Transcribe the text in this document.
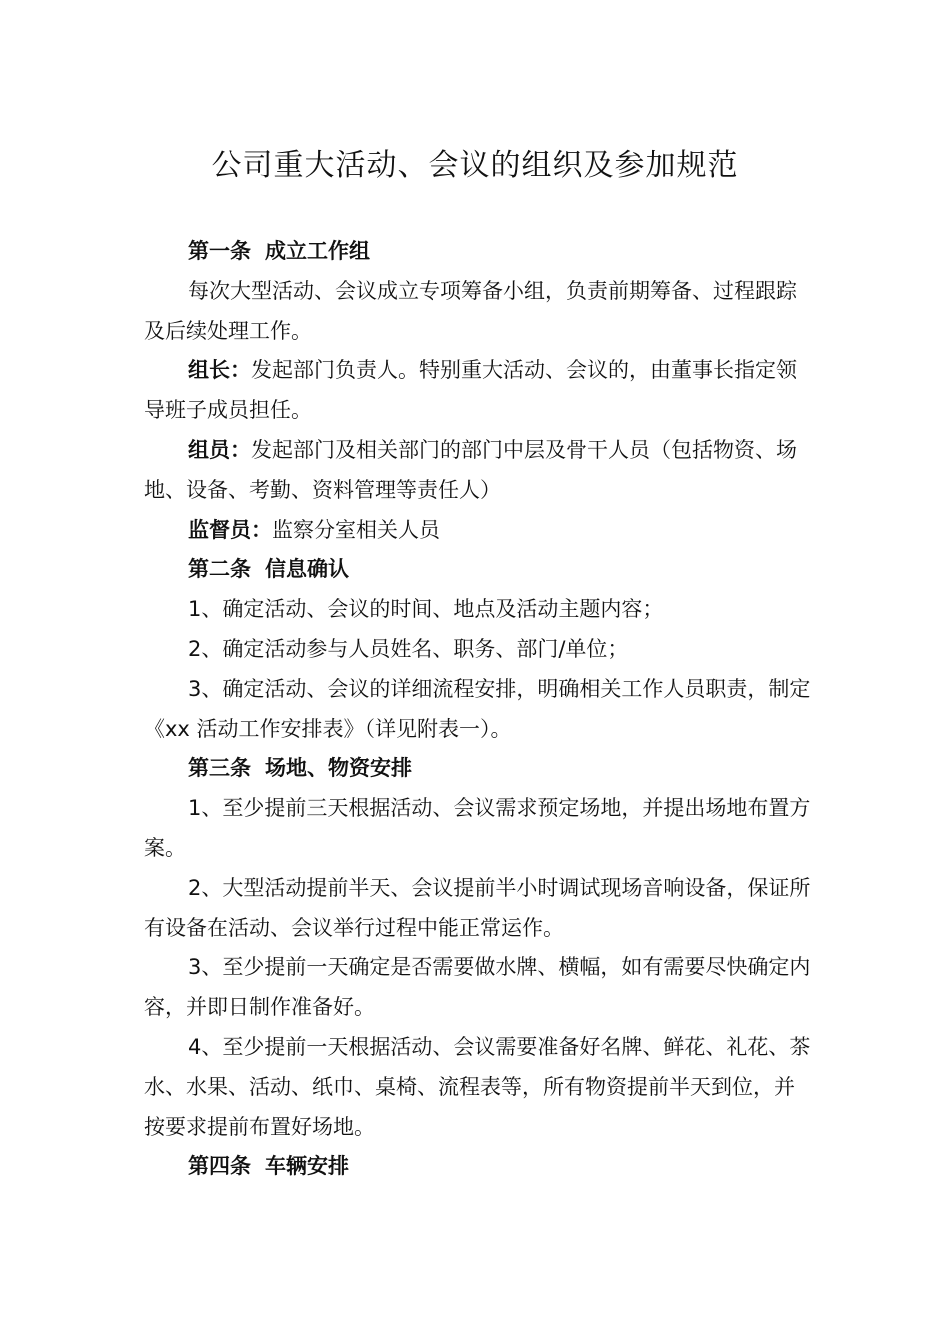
公司重大活动、会议的组织及参加规范

第一条 成立工作组

每次大型活动、会议成立专项筹备小组，负责前期筹备、过程跟踪及后续处理工作。

组长：发起部门负责人。特别重大活动、会议的，由董事长指定领导班子成员担任。

组员：发起部门及相关部门的部门中层及骨干人员（包括物资、场地、设备、考勤、资料管理等责任人）

监督员：监察分室相关人员

第二条 信息确认

1、确定活动、会议的时间、地点及活动主题内容；

2、确定活动参与人员姓名、职务、部门/单位；

3、确定活动、会议的详细流程安排，明确相关工作人员职责，制定《xx 活动工作安排表》（详见附表一）。

第三条 场地、物资安排

1、至少提前三天根据活动、会议需求预定场地，并提出场地布置方案。

2、大型活动提前半天、会议提前半小时调试现场音响设备，保证所有设备在活动、会议举行过程中能正常运作。

3、至少提前一天确定是否需要做水牌、横幅，如有需要尽快确定内容，并即日制作准备好。

4、至少提前一天根据活动、会议需要准备好名牌、鲜花、礼花、茶水、水果、活动、纸巾、桌椅、流程表等，所有物资提前半天到位，并按要求提前布置好场地。

第四条 车辆安排
